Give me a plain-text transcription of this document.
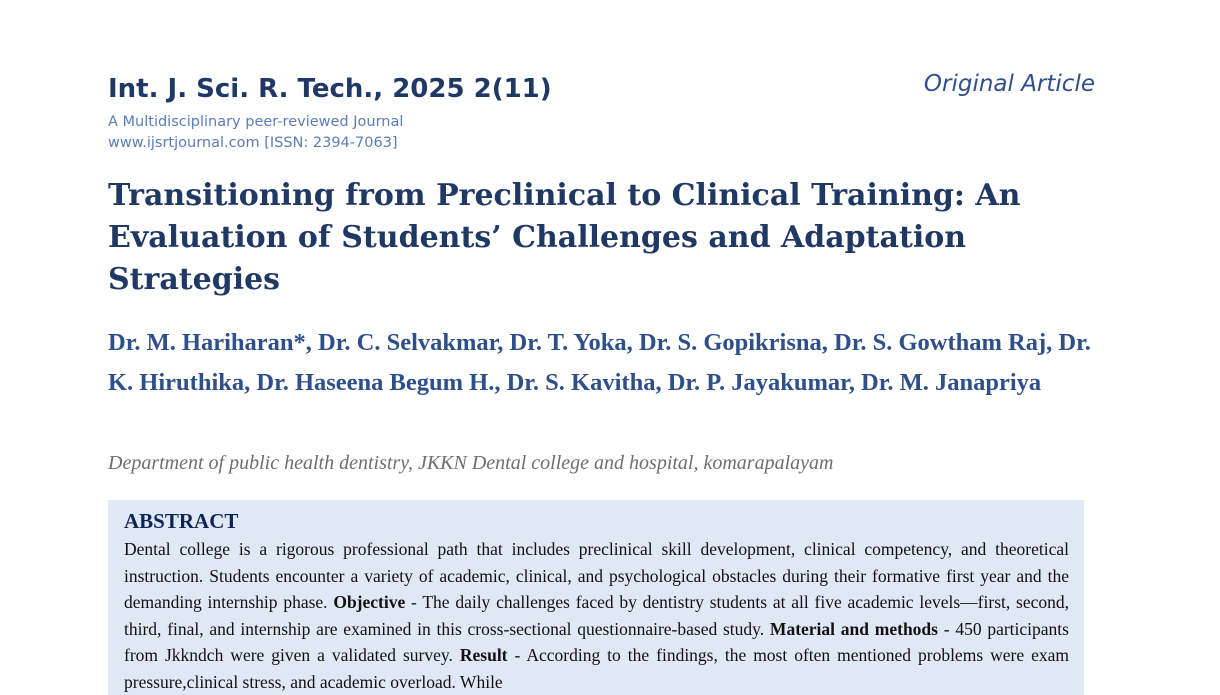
Int. J. Sci. R. Tech., 2025 2(11)	Original Article
A Multidisciplinary peer-reviewed Journal
www.ijsrtjournal.com [ISSN: 2394-7063]
Transitioning from Preclinical to Clinical Training: An Evaluation of Students’ Challenges and Adaptation Strategies

Dr. M. Hariharan*, Dr. C. Selvakmar, Dr. T. Yoka, Dr. S. Gopikrisna, Dr. S. Gowtham Raj, Dr. K. Hiruthika, Dr. Haseena Begum H., Dr. S. Kavitha, Dr. P. Jayakumar, Dr. M. Janapriya

Department of public health dentistry, JKKN Dental college and hospital, komarapalayam
ABSTRACT

Dental college is a rigorous professional path that includes preclinical skill development, clinical competency, and theoretical instruction. Students encounter a variety of academic, clinical, and psychological obstacles during their formative first year and the demanding internship phase. Objective - The daily challenges faced by dentistry students at all five academic levels—first, second, third, final, and internship are examined in this cross-sectional questionnaire-based study. Material and methods - 450 participants from Jkkndch were given a validated survey. Result - According to the findings, the most often mentioned problems were exam pressure,clinical stress, and academic overload. While
